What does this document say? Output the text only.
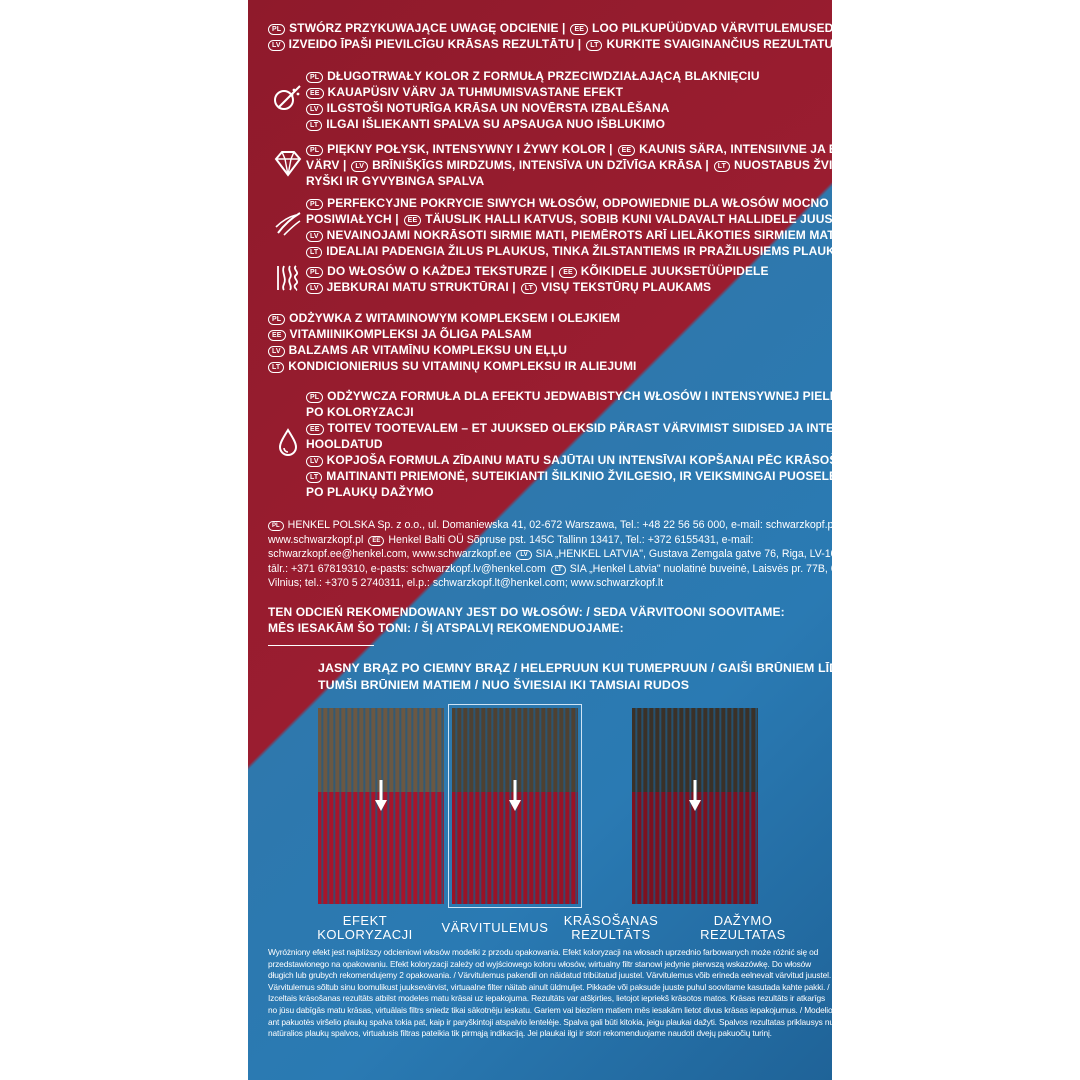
PL STWÓRZ PRZYKUWAJĄCE UWAGĘ ODCIENIE | EE LOO PILKUPÜÜDVAD VÄRVITULEMUSED
LV IZVEIDO ĪPAŠI PIEVILCĪGU KRĀSAS REZULTĀTU | LT KURKITE SVAIGINANČIUS REZULTATUS
PL DŁUGOTRWAŁY KOLOR Z FORMUŁĄ PRZECIWDZIAŁAJĄCĄ BLAKNIĘCIU
EE KAUAPÜSIV VÄRV JA TUHMUMISVASTANE EFEKT
LV ILGSTOŠI NOTURĪGA KRĀSA UN NOVĒRSTA IZBALĒŠANA
LT ILGAI IŠLIEKANTI SPALVA SU APSAUGA NUO IŠBLUKIMO
PL PIĘKNY POŁYSK, INTENSYWNY I ŻYWY KOLOR | EE KAUNIS SÄRA, INTENSIIVNE JA ERK
VÄRV | LV BRĪNIŠĶĪGS MIRDZUMS, INTENSĪVA UN DZĪVĪGA KRĀSA | LT NUOSTABUS ŽVILGESYS,
RYŠKI IR GYVYBINGA SPALVA
PL PERFEKCYJNE POKRYCIE SIWYCH WŁOSÓW, ODPOWIEDNIE DLA WŁOSÓW MOCNO
POSIWIAŁYCH | EE TÄIUSLIK HALLI KATVUS, SOBIB KUNI VALDAVALT HALLIDELE JUUSTELE
LV NEVAINOJAMI NOKRĀSOTI SIRMIE MATI, PIEMĒROTS ARĪ LIELĀKOTIES SIRMIEM MATIEM |
LT IDEALIAI PADENGIA ŽILUS PLAUKUS, TINKA ŽILSTANTIEMS IR PRAŽILUSIEMS PLAUKAMS
PL DO WŁOSÓW O KAŻDEJ TEKSTURZE | EE KÕIKIDELE JUUKSETÜÜPIDELE
LV JEBKURAI MATU STRUKTŪRAI | LT VISŲ TEKSTŪRŲ PLAUKAMS
PL ODŻYWKA Z WITAMINOWYM KOMPLEKSEM I OLEJKIEM
EE VITAMIINIKOMPLEKSI JA ÕLIGA PALSAM
LV BALZAMS AR VITAMĪNU KOMPLEKSU UN EĻĻU
LT KONDICIONIERIUS SU VITAMINŲ KOMPLEKSU IR ALIEJUMI
PL ODŻYWCZA FORMUŁA DLA EFEKTU JEDWABISTYCH WŁOSÓW I INTENSYWNEJ PIELĘGNACJI
PO KOLORYZACJI
EE TOITEV TOOTEVALEM – ET JUUKSED OLEKSID PÄRAST VÄRVIMIST SIIDISED JA INTENSIIVSELT
HOOLDATUD
LV KOPJOŠA FORMULA ZĪDAINU MATU SAJŪTAI UN INTENSĪVAI KOPŠANAI PĒC KRĀSOŠANAS
LT MAITINANTI PRIEMONĖ, SUTEIKIANTI ŠILKINIO ŽVILGESIO, IR VEIKSMINGAI PUOSELĖJANTI
PO PLAUKŲ DAŽYMO
PL HENKEL POLSKA Sp. z o.o., ul. Domaniewska 41, 02-672 Warszawa, Tel.: +48 22 56 56 000, e-mail: schwarzkopf.pl@henkel.com,
www.schwarzkopf.pl EE Henkel Balti OÜ Sõpruse pst. 145C Tallinn 13417, Tel.: +372 6155431, e-mail:
schwarzkopf.ee@henkel.com, www.schwarzkopf.ee LV SIA „HENKEL LATVIA", Gustava Zemgala gatve 76, Riga, LV-1039, Latvija,
tālr.: +371 67819310, e-pasts: schwarzkopf.lv@henkel.com LT SIA „Henkel Latvia" nuolatinė buveinė, Laisvės pr. 77B, 06122
Vilnius; tel.: +370 5 2740311, el.p.: schwarzkopf.lt@henkel.com; www.schwarzkopf.lt
TEN ODCIEŃ REKOMENDOWANY JEST DO WŁOSÓW: / SEDA VÄRVITOONI SOOVITAME:
MĒS IESAKĀM ŠO TONI: / ŠĮ ATSPALVĮ REKOMENDUOJAME:
JASNY BRĄZ PO CIEMNY BRĄZ / HELEPRUUN KUI TUMEPRUUN / GAIŠI BRŪNIEM LĪDZ
TUMŠI BRŪNIEM MATIEM / NUO ŠVIESIAI IKI TAMSIAI RUDOS
EFEKT
KOLORYZACJI	VÄRVITULEMUS	KRĀSOŠANAS
REZULTĀTS
DAŽYMO
REZULTATAS
Wyróżniony efekt jest najbliższy odcieniowi włosów modelki z przodu opakowania. Efekt koloryzacji na włosach uprzednio farbowanych może różnić się od
przedstawionego na opakowaniu. Efekt koloryzacji zależy od wyjściowego koloru włosów, wirtualny filtr stanowi jedynie pierwszą wskazówkę. Do włosów
długich lub grubych rekomendujemy 2 opakowania. / Värvitulemus pakendil on näidatud tribütatud juustel. Värvitulemus võib erineda eelnevalt värvitud juustel.
Värvitulemus sõltub sinu loomulikust juuksevärvist, virtuaalne filter näitab ainult üldmuljet. Pikkade või paksude juuste puhul soovitame kasutada kahte pakki. /
Izceltais krāsošanas rezultāts atbilst modeles matu krāsai uz iepakojuma. Rezultāts var atšķirties, lietojot iepriekš krāsotos matos. Krāsas rezultāts ir atkarīgs
no jūsu dabīgās matu krāsas, virtuālais filtrs sniedz tikai sākotnēju ieskatu. Gariem vai biezīem matiem mēs iesakām lietot divus krāsas iepakojumus. / Modelio
ant pakuotės viršelio plaukų spalva tokia pat, kaip ir paryškintoji atspalvio lentelėje. Spalva gali būti kitokia, jeigu plaukai dažyti. Spalvos rezultatas priklausys nuo
natūralios plaukų spalvos, virtualusis filtras pateikia tik pirmąją indikaciją. Jei plaukai ilgi ir stori rekomenduojame naudoti dvejų pakuočių turinį.
